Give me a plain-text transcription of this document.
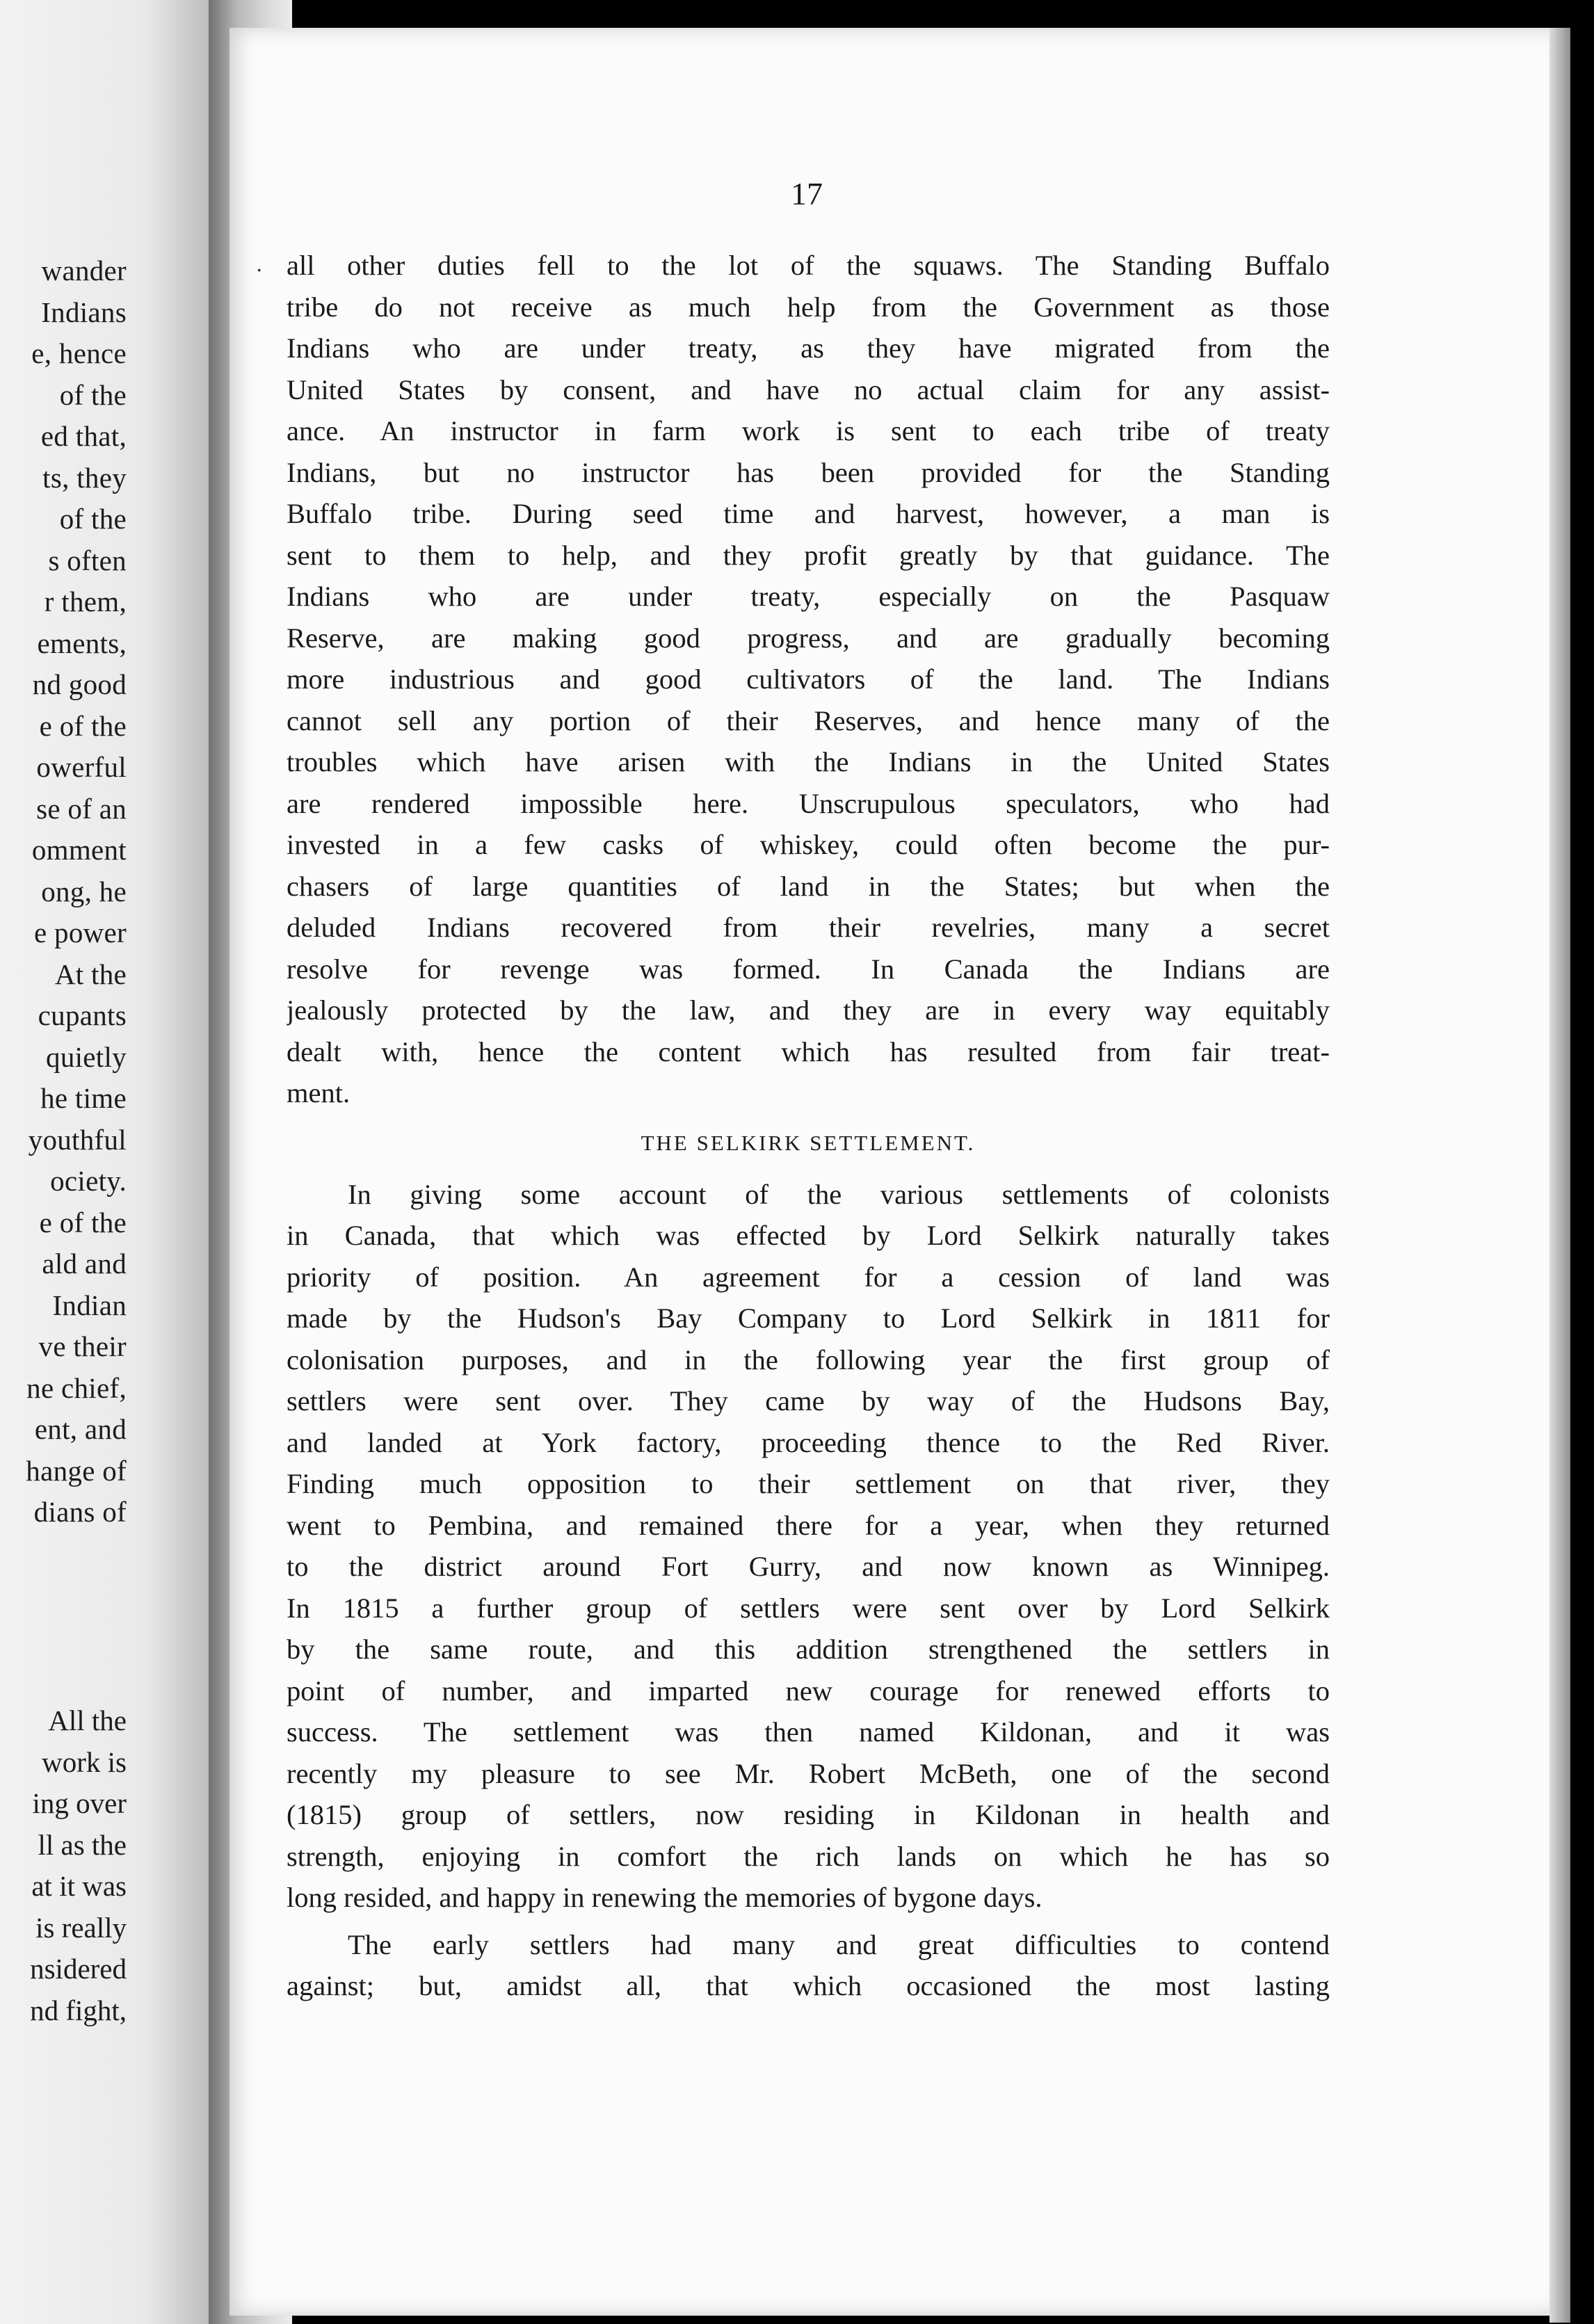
wander
Indians
e, hence
of the
ed that,
ts, they
of the
s often
r them,
ements,
nd good
e of the
owerful
se of an
omment
ong, he
e power
At the
cupants
quietly
he time
youthful
ociety.
e of the
ald and
Indian
ve their
ne chief,
ent, and
hange of
dians of
All the
work is
ing over
ll as the
at it was
is really
nsidered
nd fight,
17
· all other duties fell to the lot of the squaws. The Standing Buffalo
tribe do not receive as much help from the Government as those
Indians who are under treaty, as they have migrated from the
United States by consent, and have no actual claim for any assist-
ance. An instructor in farm work is sent to each tribe of treaty
Indians, but no instructor has been provided for the Standing
Buffalo tribe. During seed time and harvest, however, a man is
sent to them to help, and they profit greatly by that guidance. The
Indians who are under treaty, especially on the Pasquaw
Reserve, are making good progress, and are gradually becoming
more industrious and good cultivators of the land. The Indians
cannot sell any portion of their Reserves, and hence many of the
troubles which have arisen with the Indians in the United States
are rendered impossible here. Unscrupulous speculators, who had
invested in a few casks of whiskey, could often become the pur-
chasers of large quantities of land in the States; but when the
deluded Indians recovered from their revelries, many a secret
resolve for revenge was formed. In Canada the Indians are
jealously protected by the law, and they are in every way equitably
dealt with, hence the content which has resulted from fair treat-
ment.
THE SELKIRK SETTLEMENT.
In giving some account of the various settlements of colonists
in Canada, that which was effected by Lord Selkirk naturally takes
priority of position. An agreement for a cession of land was
made by the Hudson's Bay Company to Lord Selkirk in 1811 for
colonisation purposes, and in the following year the first group of
settlers were sent over. They came by way of the Hudsons Bay,
and landed at York factory, proceeding thence to the Red River.
Finding much opposition to their settlement on that river, they
went to Pembina, and remained there for a year, when they returned
to the district around Fort Gurry, and now known as Winnipeg.
In 1815 a further group of settlers were sent over by Lord Selkirk
by the same route, and this addition strengthened the settlers in
point of number, and imparted new courage for renewed efforts to
success. The settlement was then named Kildonan, and it was
recently my pleasure to see Mr. Robert McBeth, one of the second
(1815) group of settlers, now residing in Kildonan in health and
strength, enjoying in comfort the rich lands on which he has so
long resided, and happy in renewing the memories of bygone days.
The early settlers had many and great difficulties to contend
against; but, amidst all, that which occasioned the most lasting
